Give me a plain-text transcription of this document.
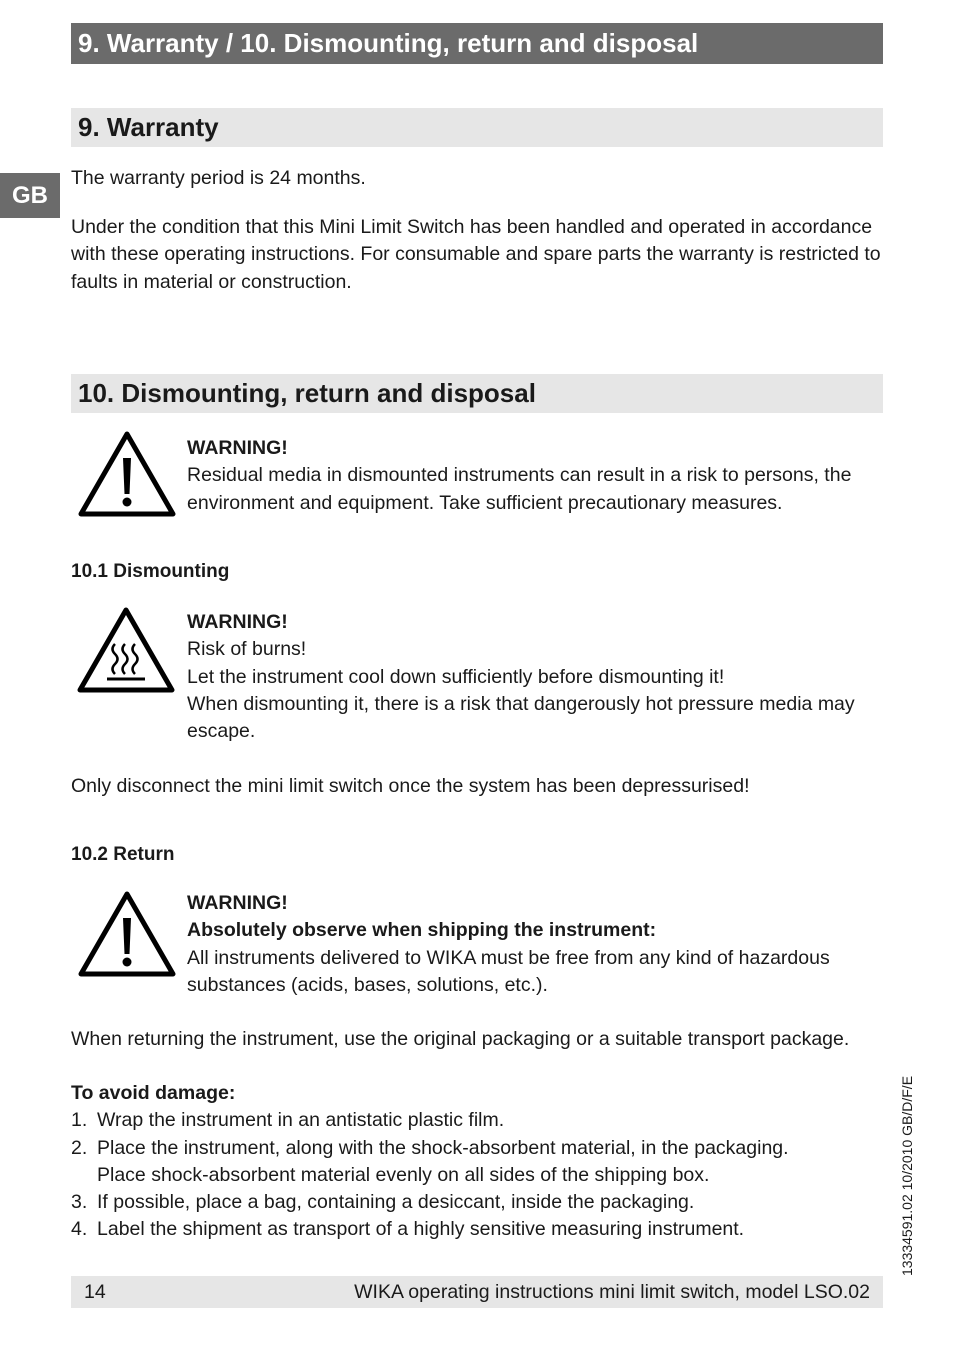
9. Warranty / 10. Dismounting, return and disposal
GB
9. Warranty

The warranty period is 24 months.

Under the condition that this Mini Limit Switch has been handled and operated in accordance with these operating instructions. For consumable and spare parts the warranty is restricted to faults in material or construction.

10. Dismounting, return and disposal
WARNING!
Residual media in dismounted instruments can result in a risk to persons, the environment and equipment. Take sufficient precautionary measures.
10.1 Dismounting
WARNING!
Risk of burns!
Let the instrument cool down sufficiently before dismounting it!
When dismounting it, there is a risk that dangerously hot pressure media may escape.

Only disconnect the mini limit switch once the system has been depressurised!

10.2 Return
WARNING!
Absolutely observe when shipping the instrument:
All instruments delivered to WIKA must be free from any kind of hazardous substances (acids, bases, solutions, etc.).

When returning the instrument, use the original packaging or a suitable transport package.

To avoid damage:
1. Wrap the instrument in an antistatic plastic film.
2. Place the instrument, along with the shock-absorbent material, in the packaging.
Place shock-absorbent material evenly on all sides of the shipping box.
3. If possible, place a bag, containing a desiccant, inside the packaging.
4. Label the shipment as transport of a highly sensitive measuring instrument.	13334591.02 10/2010 GB/D/F/E
14	WIKA operating instructions mini limit switch, model LSO.02
